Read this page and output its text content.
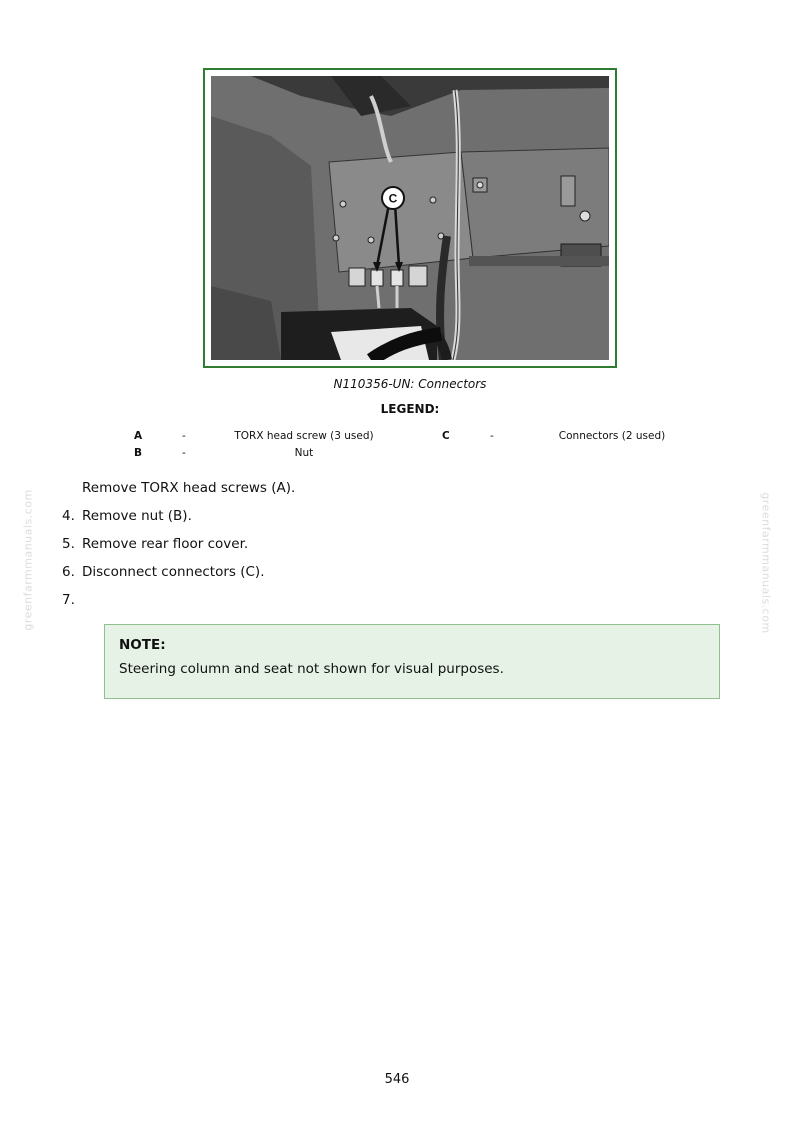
C
N110356-UN: Connectors
LEGEND:
A	-	TORX head screw (3 used)	C	-	Connectors (2 used)
B	-	Nut
Remove TORX head screws (A).
4. Remove nut (B).
5. Remove rear floor cover.
6. Disconnect connectors (C).
7.
NOTE:
Steering column and seat not shown for visual purposes.
greenfarmmanuals.com	greenfarmmanuals.com
546
